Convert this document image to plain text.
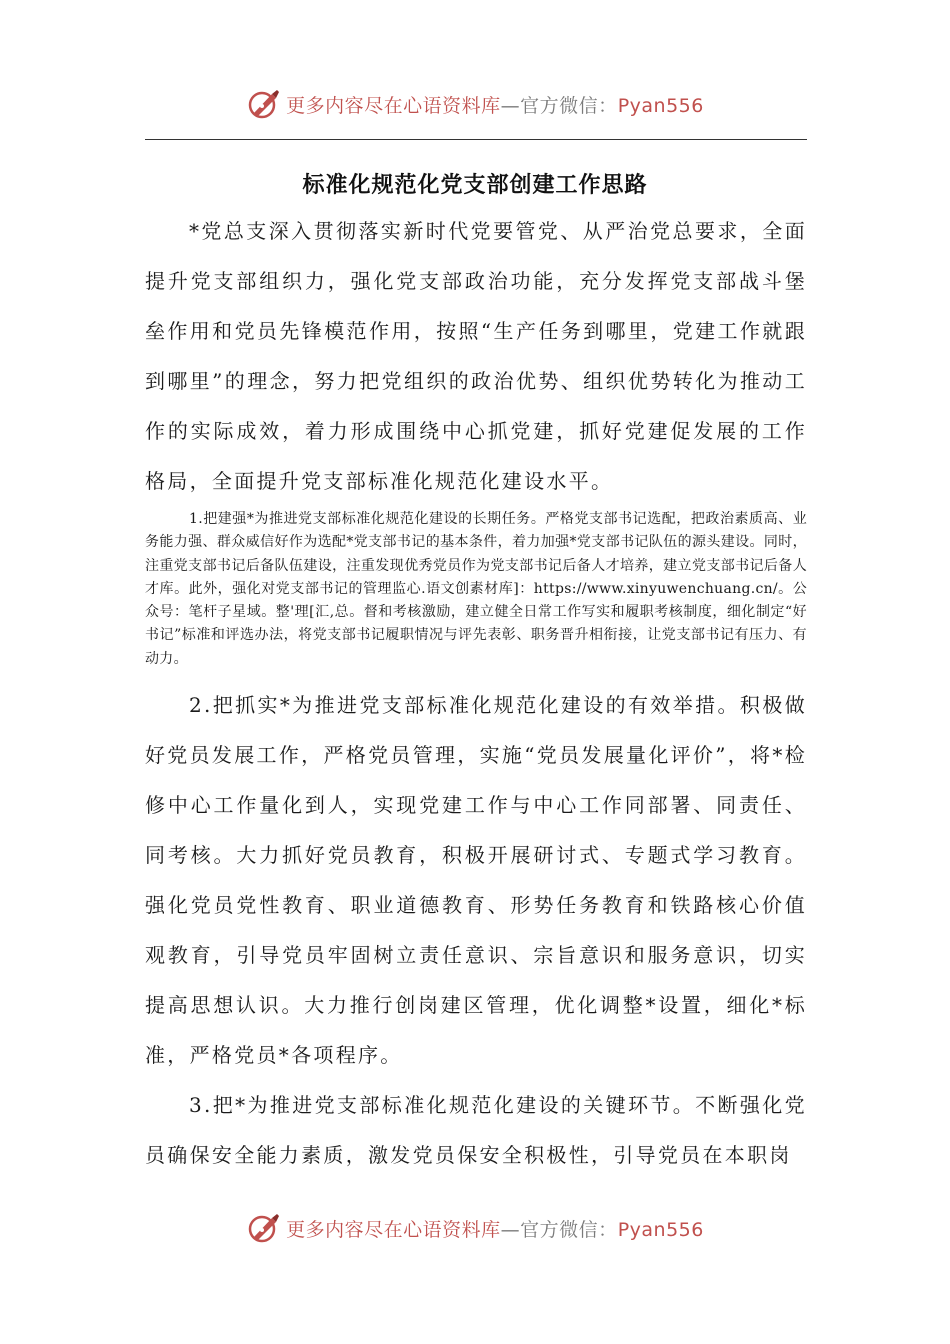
更多内容尽在心语资料库—官方微信：Pyan556
标准化规范化党支部创建工作思路

*党总支深入贯彻落实新时代党要管党、从严治党总要求，全面提升党支部组织力，强化党支部政治功能，充分发挥党支部战斗堡垒作用和党员先锋模范作用，按照“生产任务到哪里，党建工作就跟到哪里”的理念，努力把党组织的政治优势、组织优势转化为推动工作的实际成效，着力形成围绕中心抓党建，抓好党建促发展的工作格局，全面提升党支部标准化规范化建设水平。

1.把建强*为推进党支部标准化规范化建设的长期任务。严格党支部书记选配，把政治素质高、业务能力强、群众威信好作为选配*党支部书记的基本条件，着力加强*党支部书记队伍的源头建设。同时，注重党支部书记后备队伍建设，注重发现优秀党员作为党支部书记后备人才培养，建立党支部书记后备人才库。此外，强化对党支部书记的管理监心.语文创素材库]：https://www.xinyuwenchuang.cn/。公众号：笔杆子星域。整'理[汇,总。督和考核激励，建立健全日常工作写实和履职考核制度，细化制定“好书记”标准和评选办法，将党支部书记履职情况与评先表彰、职务晋升相衔接，让党支部书记有压力、有动力。

2.把抓实*为推进党支部标准化规范化建设的有效举措。积极做好党员发展工作，严格党员管理，实施“党员发展量化评价”，将*检修中心工作量化到人，实现党建工作与中心工作同部署、同责任、同考核。大力抓好党员教育，积极开展研讨式、专题式学习教育。强化党员党性教育、职业道德教育、形势任务教育和铁路核心价值观教育，引导党员牢固树立责任意识、宗旨意识和服务意识，切实提高思想认识。大力推行创岗建区管理，优化调整*设置，细化*标准，严格党员*各项程序。

3.把*为推进党支部标准化规范化建设的关键环节。不断强化党员确保安全能力素质，激发党员保安全积极性，引导党员在本职岗

更多内容尽在心语资料库—官方微信：Pyan556
